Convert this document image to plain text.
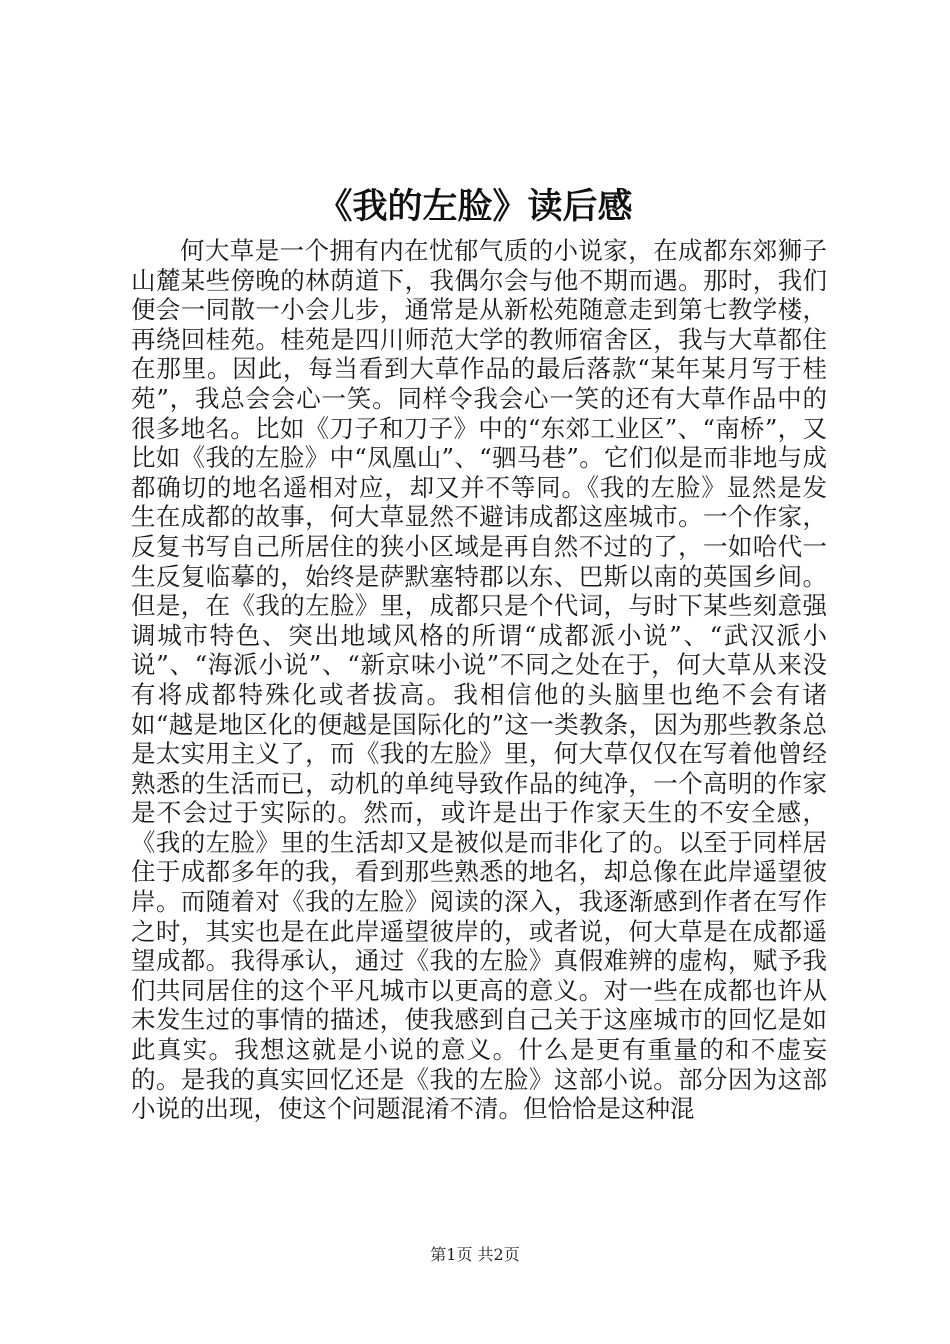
《我的左脸》读后感

何大草是一个拥有内在忧郁气质的小说家，在成都东郊狮子山麓某些傍晚的林荫道下，我偶尔会与他不期而遇。那时，我们便会一同散一小会儿步，通常是从新松苑随意走到第七教学楼，再绕回桂苑。桂苑是四川师范大学的教师宿舍区，我与大草都住在那里。因此，每当看到大草作品的最后落款“某年某月写于桂苑”，我总会会心一笑。同样令我会心一笑的还有大草作品中的很多地名。比如《刀子和刀子》中的“东郊工业区”、“南桥”，又比如《我的左脸》中“凤凰山”、“驷马巷”。它们似是而非地与成都确切的地名遥相对应，却又并不等同。《我的左脸》显然是发生在成都的故事，何大草显然不避讳成都这座城市。一个作家，反复书写自己所居住的狭小区域是再自然不过的了，一如哈代一生反复临摹的，始终是萨默塞特郡以东、巴斯以南的英国乡间。但是，在《我的左脸》里，成都只是个代词，与时下某些刻意强调城市特色、突出地域风格的所谓“成都派小说”、“武汉派小说”、“海派小说”、“新京味小说”不同之处在于，何大草从来没有将成都特殊化或者拔高。我相信他的头脑里也绝不会有诸如“越是地区化的便越是国际化的”这一类教条，因为那些教条总是太实用主义了，而《我的左脸》里，何大草仅仅在写着他曾经熟悉的生活而已，动机的单纯导致作品的纯净，一个高明的作家是不会过于实际的。然而，或许是出于作家天生的不安全感，《我的左脸》里的生活却又是被似是而非化了的。以至于同样居住于成都多年的我，看到那些熟悉的地名，却总像在此岸遥望彼岸。而随着对《我的左脸》阅读的深入，我逐渐感到作者在写作之时，其实也是在此岸遥望彼岸的，或者说，何大草是在成都遥望成都。我得承认，通过《我的左脸》真假难辨的虚构，赋予我们共同居住的这个平凡城市以更高的意义。对一些在成都也许从未发生过的事情的描述，使我感到自己关于这座城市的回忆是如此真实。我想这就是小说的意义。什么是更有重量的和不虚妄的。是我的真实回忆还是《我的左脸》这部小说。部分因为这部小说的出现，使这个问题混淆不清。但恰恰是这种混

第1页 共2页
